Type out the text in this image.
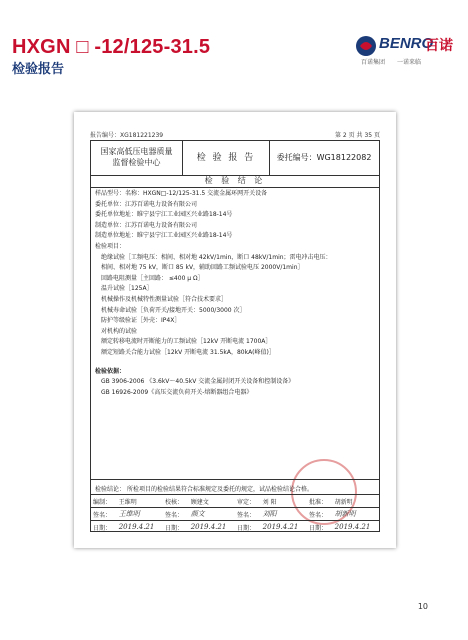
HXGN □ -12/125-31.5
检验报告
BENRO
百诺
百诺集团 一诺来临
报告编号：XG181221239	第 2 页 共 35 页
国家高低压电器质量
监督检验中心	检 验 报 告	委托编号：WG18122082
检 验 结 论
样品型号：名称：HXGN□-12/125-31.5 交流金属环网开关设备
委托单位：江苏百诺电力设备有限公司
委托单位地址：睢宁县宁江工业园区兴业路18-14号
制造单位：江苏百诺电力设备有限公司
制造单位地址：睢宁县宁江工业园区兴业路18-14号
检验项目：
绝缘试验［工频电压：相间、相对地 42kV/1min，断口 48kV/1min；雷电冲击电压：
相间、相对地 75 kV，断口 85 kV，辅助回路工频试验电压 2000V/1min］
回路电阻测量［主回路： ≤400 μ Ω］
温升试验［125A］
机械操作及机械特性测量试验［符合技术要求］
机械寿命试验［负荷开关/接地开关：5000/3000 次］
防护等级验证［外壳：IP4X］
对机构的试验
额定转移电流时开断能力的工频试验［12kV 开断电流 1700A］
额定短路关合能力试验［12kV 开断电流 31.5kA，80kA(峰值)］
检验依据：
GB 3906-2006 《3.6kV～40.5kV 交流金属封闭开关设备和控制设备》
GB 16926-2009《高压交流负荷开关-熔断器组合电器》
检验结论： 所检项目的检验结果符合标准规定及委托的规定，试品检验结论合格。
编制：	王维明	校核：	顾建文	审定：	刘 阳	批准：	胡新明
签名：	王维明	签名：	颜文	签名：	刘阳	签名：	胡新明
日期：	2019.4.21	日期：	2019.4.21	日期：	2019.4.21	日期：	2019.4.21
10
